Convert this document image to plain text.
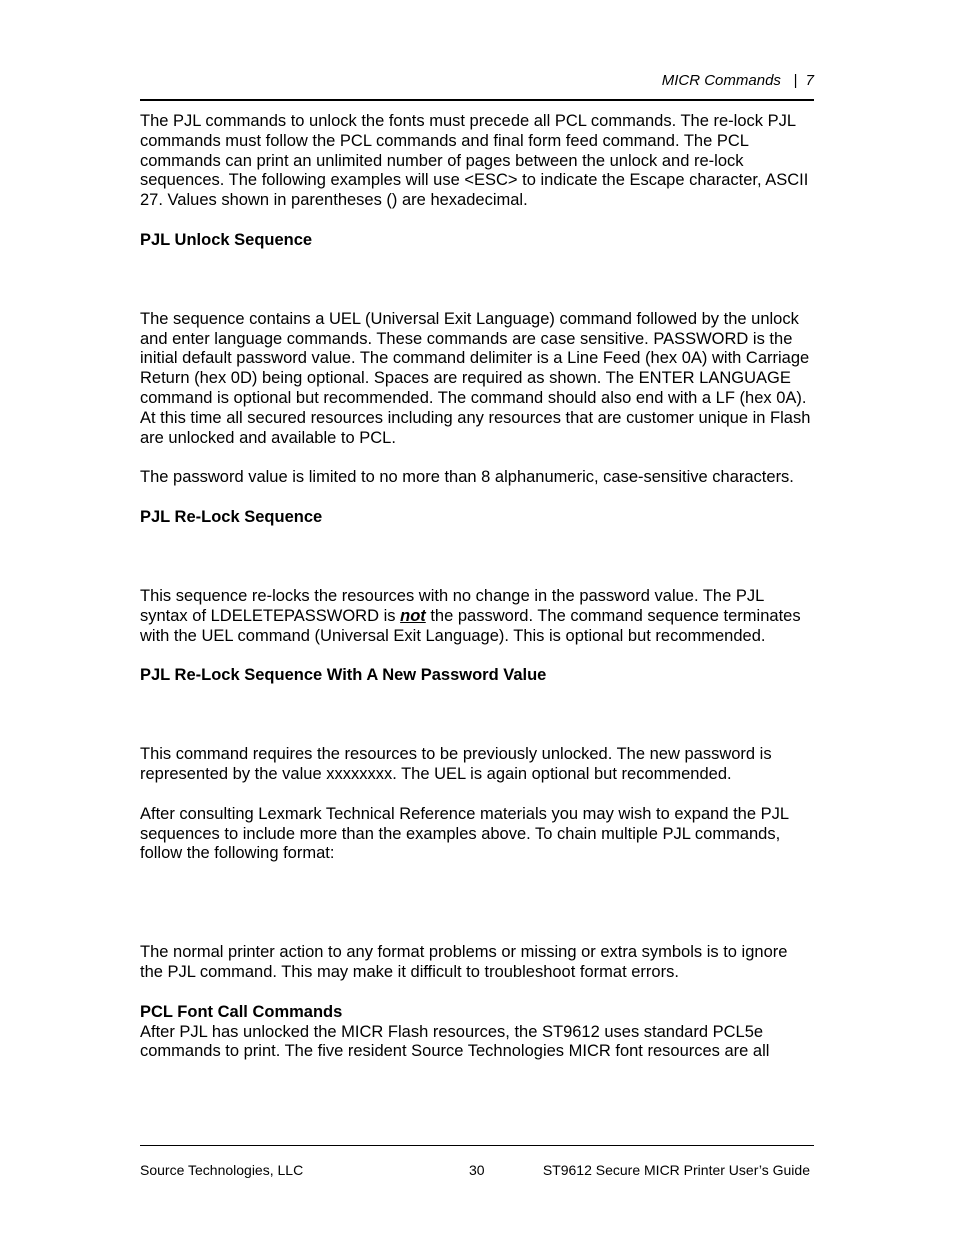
MICR Commands   |  7

The PJL commands to unlock the fonts must precede all PCL commands. The re-lock PJL commands must follow the PCL commands and final form feed command. The PCL commands can print an unlimited number of pages between the unlock and re-lock sequences. The following examples will use <ESC> to indicate the Escape character, ASCII 27. Values shown in parentheses () are hexadecimal.

PJL Unlock Sequence

The sequence contains a UEL (Universal Exit Language) command followed by the unlock and enter language commands. These commands are case sensitive. PASSWORD is the initial default password value. The command delimiter is a Line Feed (hex 0A) with Carriage Return (hex 0D) being optional. Spaces are required as shown. The ENTER LANGUAGE command is optional but recommended. The command should also end with a LF (hex 0A). At this time all secured resources including any resources that are customer unique in Flash are unlocked and available to PCL.

The password value is limited to no more than 8 alphanumeric, case-sensitive characters.

PJL Re-Lock Sequence

This sequence re-locks the resources with no change in the password value. The PJL syntax of LDELETEPASSWORD is not the password. The command sequence terminates with the UEL command (Universal Exit Language). This is optional but recommended.

PJL Re-Lock Sequence With A New Password Value

This command requires the resources to be previously unlocked. The new password is represented by the value xxxxxxxx. The UEL is again optional but recommended.

After consulting Lexmark Technical Reference materials you may wish to expand the PJL sequences to include more than the examples above. To chain multiple PJL commands, follow the following format:

The normal printer action to any format problems or missing or extra symbols is to ignore the PJL command. This may make it difficult to troubleshoot format errors.

PCL Font Call Commands

After PJL has unlocked the MICR Flash resources, the ST9612 uses standard PCL5e commands to print. The five resident Source Technologies MICR font resources are all

Source Technologies, LLC	30	ST9612 Secure MICR Printer User’s Guide
